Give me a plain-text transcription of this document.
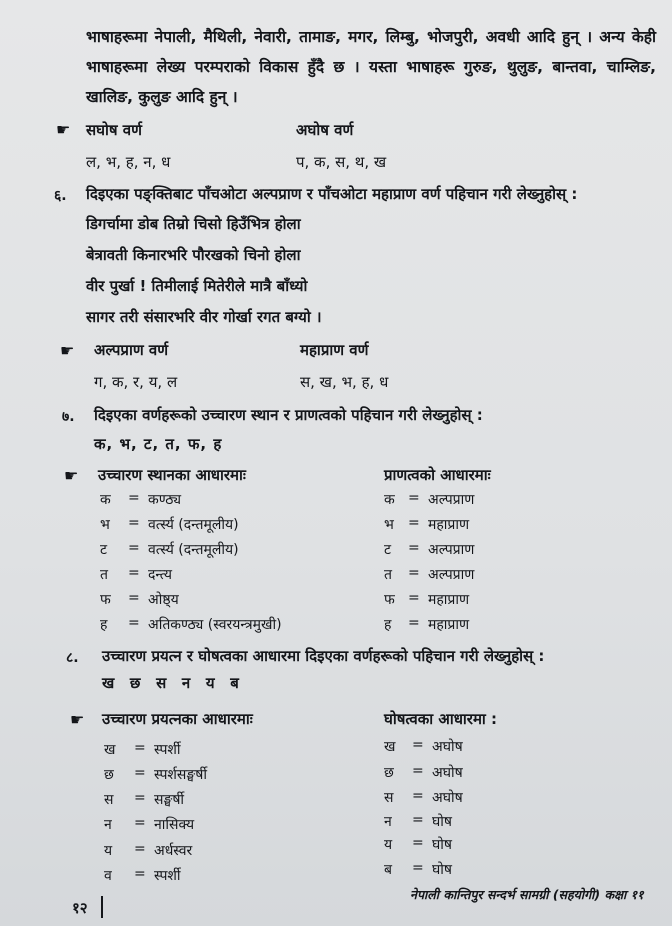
भाषाहरूमा नेपाली, मैथिली, नेवारी, तामाङ, मगर, लिम्बु, भोजपुरी, अवधी आदि हुन् । अन्य केही भाषाहरूमा लेख्य परम्पराको विकास हुँदै छ । यस्ता भाषाहरू गुरुङ, थुलुङ, बान्तवा, चाम्लिङ, खालिङ, कुलुङ आदि हुन् ।
☛ सघोष वर्ण	अघोष वर्ण
ल, भ, ह, न, ध	प, क, स, थ, ख
६. दिइएका पङ्क्तिबाट पाँचओटा अल्पप्राण र पाँचओटा महाप्राण वर्ण पहिचान गरी लेख्नुहोस् :
डिगर्चामा डोब तिम्रो चिसो हिउँभित्र होला
बेत्रावती किनारभरि पौरखको चिनो होला
वीर पुर्खा ! तिमीलाई मितेरीले मात्रै बाँध्यो
सागर तरी संसारभरि वीर गोर्खा रगत बग्यो ।
☛ अल्पप्राण वर्ण	महाप्राण वर्ण
ग, क, र, य, ल	स, ख, भ, ह, ध
७. दिइएका वर्णहरूको उच्चारण स्थान र प्राणत्वको पहिचान गरी लेख्नुहोस् :
क, भ, ट, त, फ, ह
☛ उच्चारण स्थानका आधारमाः	प्राणत्वको आधारमाः
क = कण्ठ्य	क = अल्पप्राण
भ = वर्त्स्य (दन्तमूलीय)	भ = महाप्राण
ट = वर्त्स्य (दन्तमूलीय)	ट = अल्पप्राण
त = दन्त्य	त = अल्पप्राण
फ = ओष्ठ्य	फ = महाप्राण
ह = अतिकण्ठ्य (स्वरयन्त्रमुखी)	ह = महाप्राण
८. उच्चारण प्रयत्न र घोषत्वका आधारमा दिइएका वर्णहरूको पहिचान गरी लेख्नुहोस् :
ख   छ   स   न   य   ब
☛ उच्चारण प्रयत्नका आधारमाः	घोषत्वका आधारमा :
ख = स्पर्शी	ख = अघोष
छ = स्पर्शसङ्घर्षी	छ = अघोष
स = सङ्घर्षी	स = अघोष
न = नासिक्य	न = घोष
य = अर्धस्वर	य = घोष
व = स्पर्शी	ब = घोष
१२
नेपाली कान्तिपुर सन्दर्भ सामग्री (सहयोगी) कक्षा ११
